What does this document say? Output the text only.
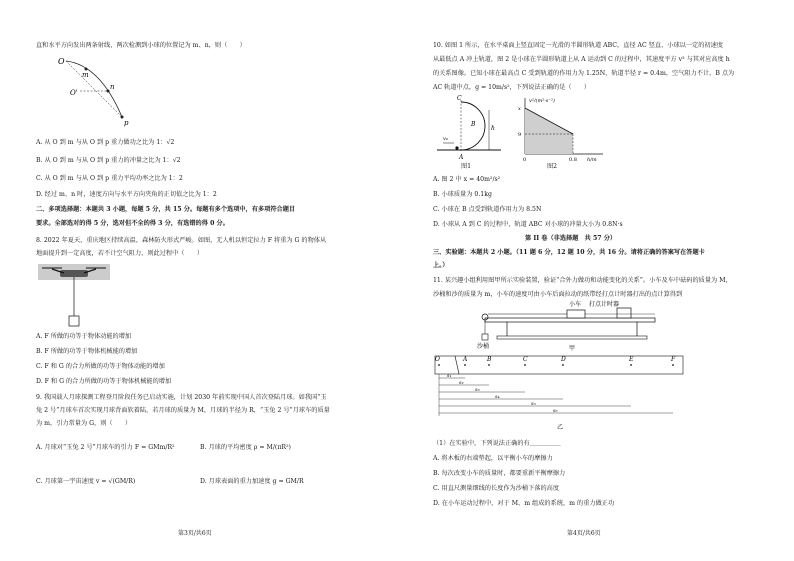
直和水平方向发出两条射线，两次检测到小球的位置记为 m、n，则（　　）
O
m
O'
n
p
A. 从 O 到 m 与从 O 到 p 重力做功之比为 1：√2
B. 从 O 到 m 与从 O 到 p 重力的冲量之比为 1：√2
C. 从 O 到 m 与从 O 到 p 重力平均功率之比为 1：2
D. 经过 m、n 时，速度方向与水平方向夹角的正切值之比为 1：2
二、多项选择题：本题共 3 小题，每题 5 分，共 15 分。每题有多个选项中，有多项符合题目
要求。全部选对的得 5 分，选对但不全的得 3 分，有选错的得 0 分。
8. 2022 年夏天，重庆地区持续高温，森林防火形式严峻。如图，无人机以恒定拉力 F 将重为 G 的物体从
地面提升到一定高度，若不计空气阻力，则此过程中（　　）
A. F 所做的功等于物体动能的增加
B. F 所做的功等于物体机械能的增加
C. F 和 G 的合力所做的功等于物体动能的增加
D. F 和 G 的合力所做的功等于物体机械能的增加
9. 我国载人月球探测工程登月阶段任务已启动实施，计划 2030 年前实现中国人首次登陆月球。如我国“玉
兔 2 号”月球车首次实现月球背面软着陆，若月球的质量为 M，月球的半径为 R，“玉兔 2 号”月球车的质量
为 m，引力常量为 G，则（　　）
A. 月球对“玉兔 2 号”月球车的引力 F = GMm/R²	B. 月球的平均密度 ρ = M/(πR²)
C. 月球第一宇宙速度 v = √(GM/R)	D. 月球表面的重力加速度 g = GM/R
第3页/共6页
10. 如图 1 所示，在水平桌面上竖直固定一光滑的半圆形轨道 ABC，直径 AC 竖直，小球以一定的初速度
从最低点 A 冲上轨道，图 2 是小球在半圆形轨道上从 A 运动到 C 的过程中，其速度平方 v² 与其对应高度 h
的关系图像。已知小球在最高点 C 受到轨道的作用力为 1.25N，轨道半径 r = 0.4m，空气阻力不计，B 点为
AC 轨道中点，g = 10m/s²，下列说法正确的是（　　）
C
B
A
h
v₀
图1
v²/(m²·s⁻²)
h/m
x
9
0	0.8
图2
A. 图 2 中 x = 40m²/s²
B. 小球质量为 0.1kg
C. 小球在 B 点受到轨道作用力为 8.5N
D. 小球从 A 到 C 的过程中，轨道 ABC 对小球的冲量大小为 0.8N·s
第 II 卷（非选择题　共 57 分）
三、实验题：本题共 2 小题。（11 题 6 分，12 题 10 分，共 16 分。请将正确的答案写在答题卡
上。）
11. 某兴趣小组利用图甲所示实验装置，验证“合外力做功和动能变化的关系”。小车及车中砝码的质量为 M，
沙桶和沙的质量为 m，小车的速度可由小车后面拉动的纸带经打点计时器打出的点计算得到
小车 打点计时器
沙桶	甲
O	A	B	C	D	E	F
s₁
s₂
s₃
s₄
s₅
s₆
乙
（1）在实验中，下列说法正确的有＿＿＿＿＿
A. 将木板的右端垫起，以平衡小车的摩擦力
B. 每次改变小车的质量时，都要重新平衡摩擦力
C. 用直尺测量细线的长度作为沙桶下落的高度
D. 在小车运动过程中，对于 M、m 组成的系统，m 的重力做正功
第4页/共6页
